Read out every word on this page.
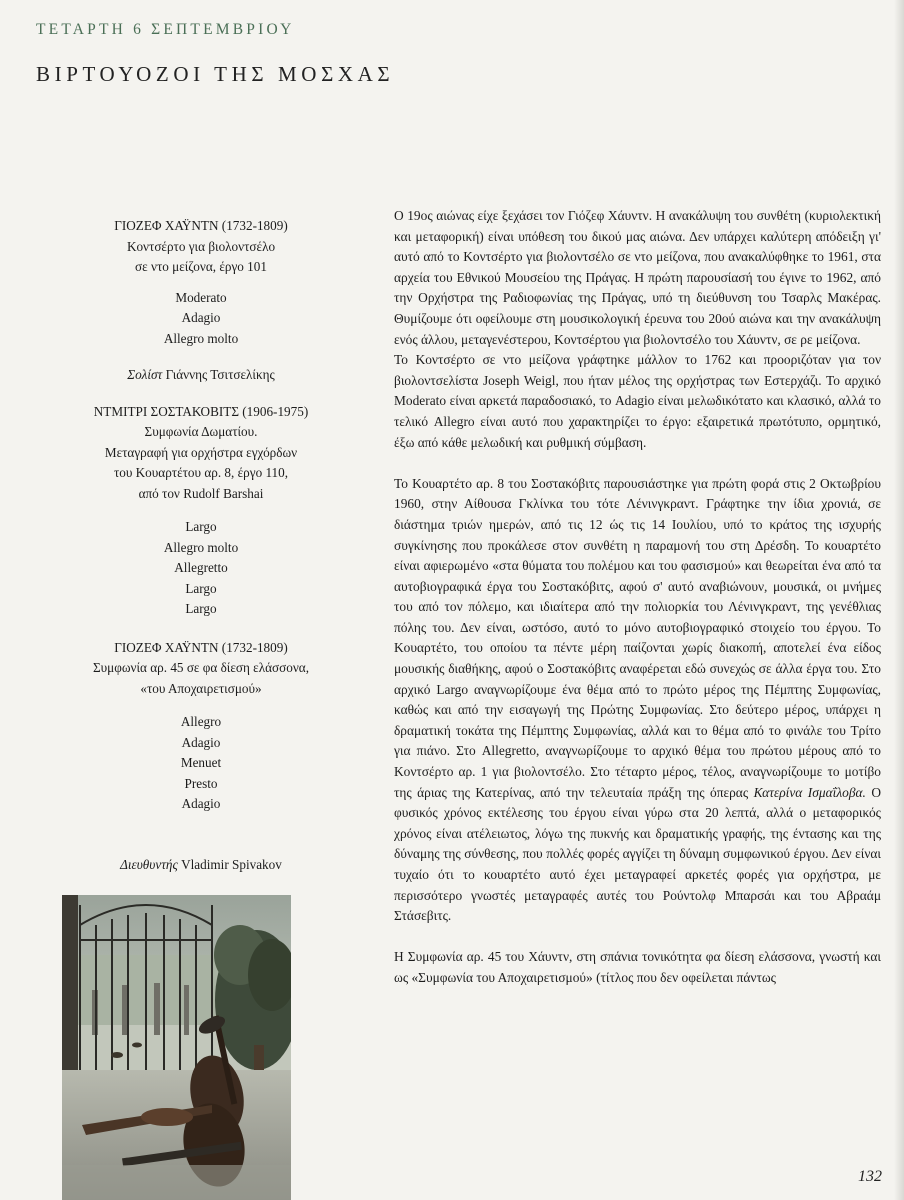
ΤΕΤΑΡΤΗ 6 ΣΕΠΤΕΜΒΡΙΟΥ
ΒΙΡΤΟΥΟΖΟΙ ΤΗΣ ΜΟΣΧΑΣ
ΓΙΟΖΕΦ ΧΑΫΝΤΝ (1732-1809)
Κοντσέρτο για βιολοντσέλο
σε ντο μείζονα, έργο 101
Moderato
Adagio
Allegro molto
Σολίστ Γιάννης Τσιτσελίκης
ΝΤΜΙΤΡΙ ΣΟΣΤΑΚΟΒΙΤΣ (1906-1975)
Συμφωνία Δωματίου.
Μεταγραφή για ορχήστρα εγχόρδων
του Κουαρτέτου αρ. 8, έργο 110,
από τον Rudolf Barshai
Largo
Allegro molto
Allegretto
Largo
Largo
ΓΙΟΖΕΦ ΧΑΫΝΤΝ (1732-1809)
Συμφωνία αρ. 45 σε φα δίεση ελάσσονα,
«του Αποχαιρετισμού»
Allegro
Adagio
Menuet
Presto
Adagio
Διευθυντής Vladimir Spivakov

Ο 19ος αιώνας είχε ξεχάσει τον Γιόζεφ Χάυντν. Η ανακάλυψη του συνθέτη (κυριολεκτική και μεταφορική) είναι υπόθεση του δικού μας αιώνα. Δεν υπάρχει καλύτερη απόδειξη γι' αυτό από το Κοντσέρτο για βιολοντσέλο σε ντο μείζονα, που ανακαλύφθηκε το 1961, στα αρχεία του Εθνικού Μουσείου της Πράγας. Η πρώτη παρουσίασή του έγινε το 1962, από την Ορχήστρα της Ραδιοφωνίας της Πράγας, υπό τη διεύθυνση του Τσαρλς Μακέρας. Θυμίζουμε ότι οφείλουμε στη μουσικολογική έρευνα του 20ού αιώνα και την ανακάλυψη ενός άλλου, μεταγενέστερου, Κοντσέρτου για βιολοντσέλο του Χάυντν, σε ρε μείζονα.

Το Κοντσέρτο σε ντο μείζονα γράφτηκε μάλλον το 1762 και προοριζόταν για τον βιολοντσελίστα Joseph Weigl, που ήταν μέλος της ορχήστρας των Εστερχάζι. Το αρχικό Moderato είναι αρκετά παραδοσιακό, το Adagio είναι μελωδικότατο και κλασικό, αλλά το τελικό Allegro είναι αυτό που χαρακτηρίζει το έργο: εξαιρετικά πρωτότυπο, ορμητικό, έξω από κάθε μελωδική και ρυθμική σύμβαση.

Το Κουαρτέτο αρ. 8 του Σοστακόβιτς παρουσιάστηκε για πρώτη φορά στις 2 Οκτωβρίου 1960, στην Αίθουσα Γκλίνκα του τότε Λένινγκραντ. Γράφτηκε την ίδια χρονιά, σε διάστημα τριών ημερών, από τις 12 ώς τις 14 Ιουλίου, υπό το κράτος της ισχυρής συγκίνησης που προκάλεσε στον συνθέτη η παραμονή του στη Δρέσδη. Το κουαρτέτο είναι αφιερωμένο «στα θύματα του πολέμου και του φασισμού» και θεωρείται ένα από τα αυτοβιογραφικά έργα του Σοστακόβιτς, αφού σ' αυτό αναβιώνουν, μουσικά, οι μνήμες του από τον πόλεμο, και ιδιαίτερα από την πολιορκία του Λένινγκραντ, της γενέθλιας πόλης του. Δεν είναι, ωστόσο, αυτό το μόνο αυτοβιογραφικό στοιχείο του έργου. Το Κουαρτέτο, του οποίου τα πέντε μέρη παίζονται χωρίς διακοπή, αποτελεί ένα είδος μουσικής διαθήκης, αφού ο Σοστακόβιτς αναφέρεται εδώ συνεχώς σε άλλα έργα του. Στο αρχικό Largo αναγνωρίζουμε ένα θέμα από το πρώτο μέρος της Πέμπτης Συμφωνίας, καθώς και από την εισαγωγή της Πρώτης Συμφωνίας. Στο δεύτερο μέρος, υπάρχει η δραματική τοκάτα της Πέμπτης Συμφωνίας, αλλά και το θέμα από το φινάλε του Τρίτο για πιάνο. Στο Allegretto, αναγνωρίζουμε το αρχικό θέμα του πρώτου μέρους από το Κοντσέρτο αρ. 1 για βιολοντσέλο. Στο τέταρτο μέρος, τέλος, αναγνωρίζουμε το μοτίβο της άριας της Κατερίνας, από την τελευταία πράξη της όπερας Κατερίνα Ισμαΐλοβα. Ο φυσικός χρόνος εκτέλεσης του έργου είναι γύρω στα 20 λεπτά, αλλά ο μεταφορικός χρόνος είναι ατέλειωτος, λόγω της πυκνής και δραματικής γραφής, της έντασης και της δύναμης της σύνθεσης, που πολλές φορές αγγίζει τη δύναμη συμφωνικού έργου. Δεν είναι τυχαίο ότι το κουαρτέτο αυτό έχει μεταγραφεί αρκετές φορές για ορχήστρα, με περισσότερο γνωστές μεταγραφές αυτές του Ρούντολφ Μπαρσάι και του Αβραάμ Στάσεβιτς.

Η Συμφωνία αρ. 45 του Χάυντν, στη σπάνια τονικότητα φα δίεση ελάσσονα, γνωστή και ως «Συμφωνία του Αποχαιρετισμού» (τίτλος που δεν οφείλεται πάντως

132
